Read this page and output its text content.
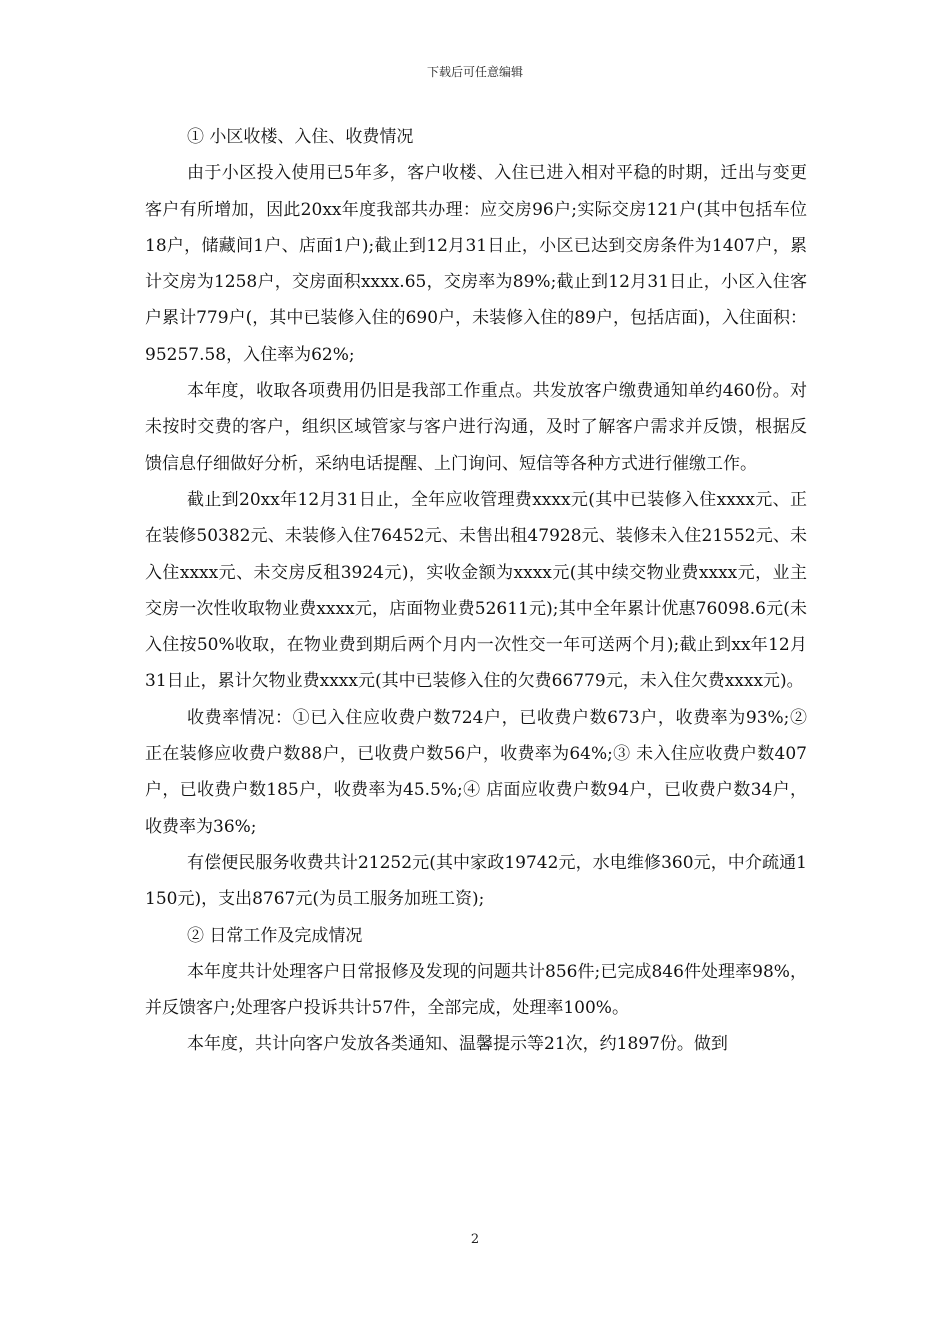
下载后可任意编辑

① 小区收楼、入住、收费情况

由于小区投入使用已5年多，客户收楼、入住已进入相对平稳的时期，迁出与变更客户有所增加，因此20xx年度我部共办理：应交房96户;实际交房121户(其中包括车位18户，储藏间1户、店面1户);截止到12月31日止，小区已达到交房条件为1407户，累计交房为1258户，交房面积xxxx.65，交房率为89%;截止到12月31日止，小区入住客户累计779户(，其中已装修入住的690户，未装修入住的89户，包括店面)，入住面积：95257.58，入住率为62%;

本年度，收取各项费用仍旧是我部工作重点。共发放客户缴费通知单约460份。对未按时交费的客户，组织区域管家与客户进行沟通，及时了解客户需求并反馈，根据反馈信息仔细做好分析，采纳电话提醒、上门询问、短信等各种方式进行催缴工作。

截止到20xx年12月31日止，全年应收管理费xxxx元(其中已装修入住xxxx元、正在装修50382元、未装修入住76452元、未售出租47928元、装修未入住21552元、未入住xxxx元、未交房反租3924元)，实收金额为xxxx元(其中续交物业费xxxx元，业主交房一次性收取物业费xxxx元，店面物业费52611元);其中全年累计优惠76098.6元(未入住按50%收取，在物业费到期后两个月内一次性交一年可送两个月);截止到xx年12月31日止，累计欠物业费xxxx元(其中已装修入住的欠费66779元，未入住欠费xxxx元)。

收费率情况：①已入住应收费户数724户，已收费户数673户，收费率为93%;② 正在装修应收费户数88户，已收费户数56户，收费率为64%;③ 未入住应收费户数407户，已收费户数185户，收费率为45.5%;④ 店面应收费户数94户，已收费户数34户，收费率为36%;

有偿便民服务收费共计21252元(其中家政19742元，水电维修360元，中介疏通1150元)，支出8767元(为员工服务加班工资);

② 日常工作及完成情况

本年度共计处理客户日常报修及发现的问题共计856件;已完成846件处理率98%，并反馈客户;处理客户投诉共计57件，全部完成，处理率100%。

本年度，共计向客户发放各类通知、温馨提示等21次，约1897份。做到

2
